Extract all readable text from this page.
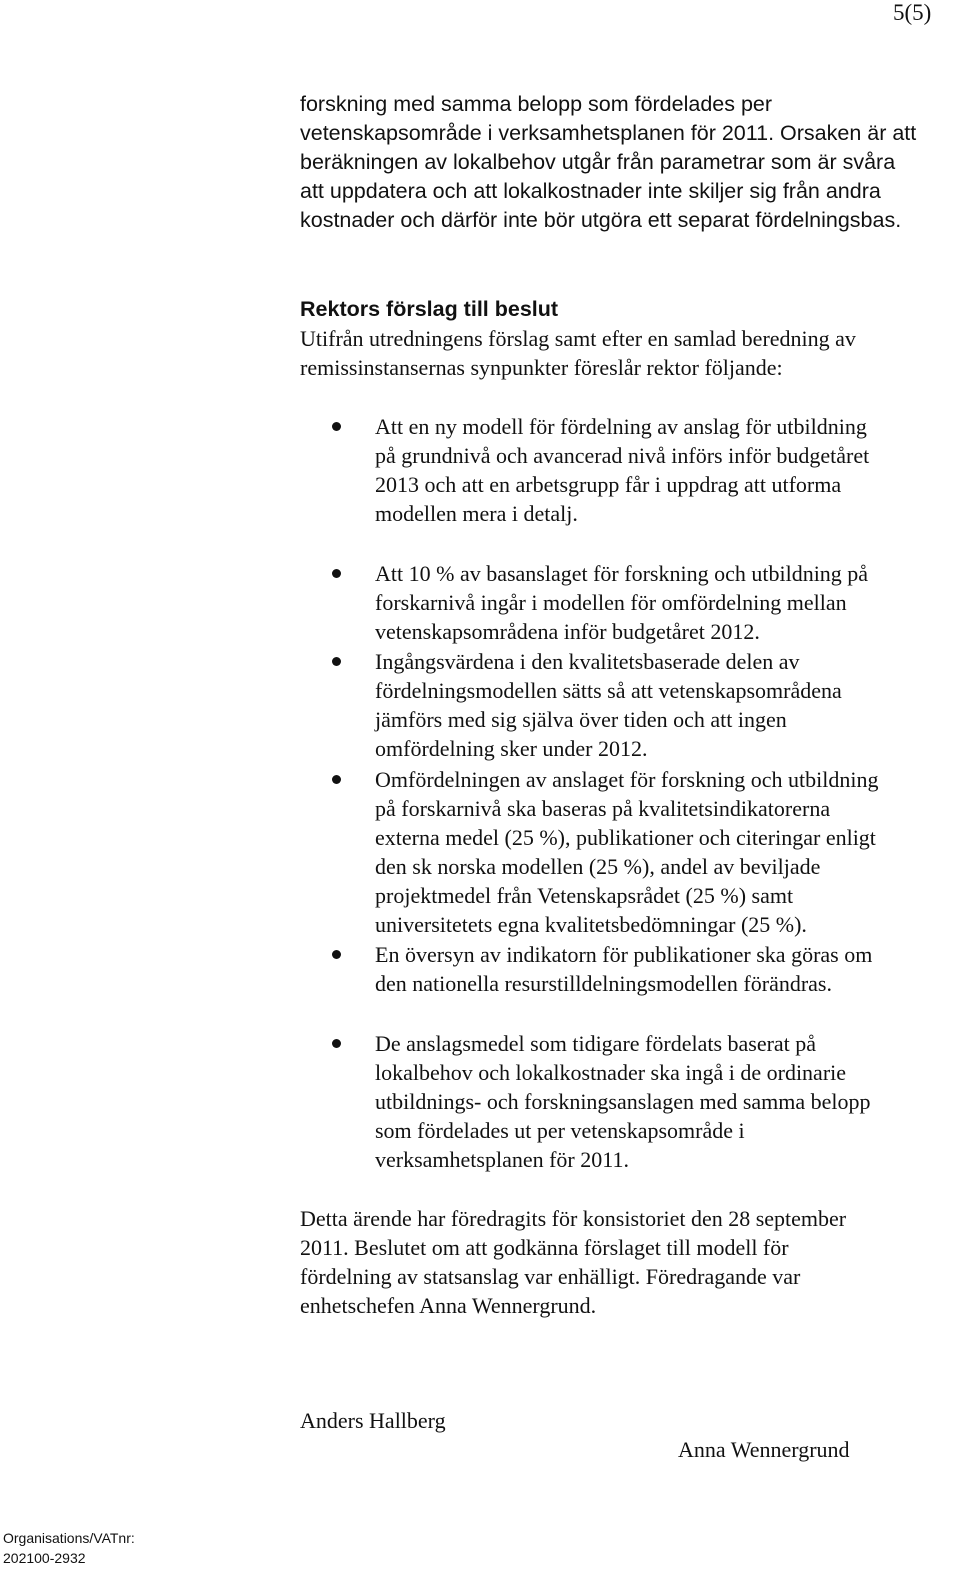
5(5)

forskning med samma belopp som fördelades per
vetenskapsområde i verksamhetsplanen för 2011. Orsaken är att
beräkningen av lokalbehov utgår från parametrar som är svåra
att uppdatera och att lokalkostnader inte skiljer sig från andra
kostnader och därför inte bör utgöra ett separat fördelningsbas.

Rektors förslag till beslut

Utifrån utredningens förslag samt efter en samlad beredning av
remissinstansernas synpunkter föreslår rektor följande:

Att en ny modell för fördelning av anslag för utbildning
på grundnivå och avancerad nivå införs inför budgetåret
2013 och att en arbetsgrupp får i uppdrag att utforma
modellen mera i detalj.
Att 10 % av basanslaget för forskning och utbildning på
forskarnivå ingår i modellen för omfördelning mellan
vetenskapsområdena inför budgetåret 2012.
Ingångsvärdena i den kvalitetsbaserade delen av
fördelningsmodellen sätts så att vetenskapsområdena
jämförs med sig själva över tiden och att ingen
omfördelning sker under 2012.
Omfördelningen av anslaget för forskning och utbildning
på forskarnivå ska baseras på kvalitetsindikatorerna
externa medel (25 %), publikationer och citeringar enligt
den sk norska modellen (25 %), andel av beviljade
projektmedel från Vetenskapsrådet (25 %) samt
universitetets egna kvalitetsbedömningar (25 %).
En översyn av indikatorn för publikationer ska göras om
den nationella resurstilldelningsmodellen förändras.
De anslagsmedel som tidigare fördelats baserat på
lokalbehov och lokalkostnader ska ingå i de ordinarie
utbildnings- och forskningsanslagen med samma belopp
som fördelades ut per vetenskapsområde i
verksamhetsplanen för 2011.

Detta ärende har föredragits för konsistoriet den 28 september
2011. Beslutet om att godkänna förslaget till modell för
fördelning av statsanslag var enhälligt. Föredragande var
enhetschefen Anna Wennergrund.

Anders Hallberg
Anna Wennergrund
Organisations/VATnr:
202100-2932
